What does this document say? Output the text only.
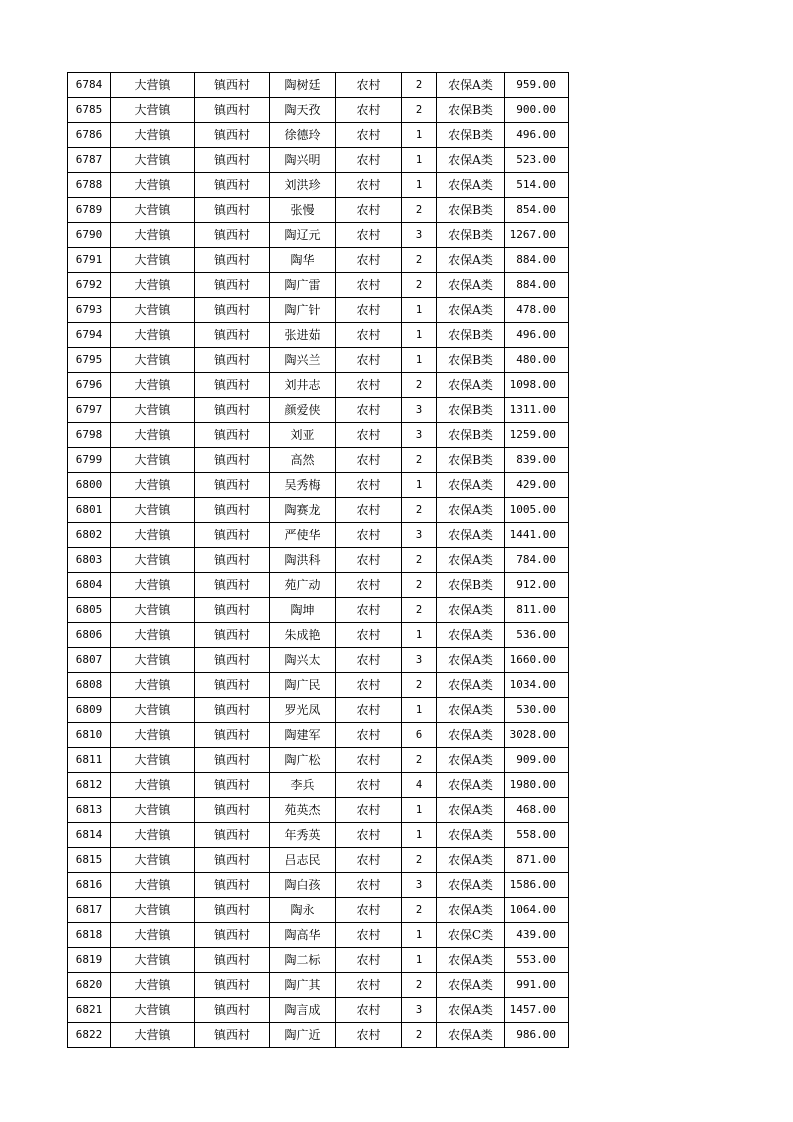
6784	大营镇	镇西村	陶树廷	农村	2	农保A类	959.00
6785	大营镇	镇西村	陶天孜	农村	2	农保B类	900.00
6786	大营镇	镇西村	徐德玲	农村	1	农保B类	496.00
6787	大营镇	镇西村	陶兴明	农村	1	农保A类	523.00
6788	大营镇	镇西村	刘洪珍	农村	1	农保A类	514.00
6789	大营镇	镇西村	张慢	农村	2	农保B类	854.00
6790	大营镇	镇西村	陶辽元	农村	3	农保B类	1267.00
6791	大营镇	镇西村	陶华	农村	2	农保A类	884.00
6792	大营镇	镇西村	陶广雷	农村	2	农保A类	884.00
6793	大营镇	镇西村	陶广针	农村	1	农保A类	478.00
6794	大营镇	镇西村	张进茹	农村	1	农保B类	496.00
6795	大营镇	镇西村	陶兴兰	农村	1	农保B类	480.00
6796	大营镇	镇西村	刘井志	农村	2	农保A类	1098.00
6797	大营镇	镇西村	颜爱侠	农村	3	农保B类	1311.00
6798	大营镇	镇西村	刘亚	农村	3	农保B类	1259.00
6799	大营镇	镇西村	高然	农村	2	农保B类	839.00
6800	大营镇	镇西村	吴秀梅	农村	1	农保A类	429.00
6801	大营镇	镇西村	陶赛龙	农村	2	农保A类	1005.00
6802	大营镇	镇西村	严使华	农村	3	农保A类	1441.00
6803	大营镇	镇西村	陶洪科	农村	2	农保A类	784.00
6804	大营镇	镇西村	苑广动	农村	2	农保B类	912.00
6805	大营镇	镇西村	陶坤	农村	2	农保A类	811.00
6806	大营镇	镇西村	朱成艳	农村	1	农保A类	536.00
6807	大营镇	镇西村	陶兴太	农村	3	农保A类	1660.00
6808	大营镇	镇西村	陶广民	农村	2	农保A类	1034.00
6809	大营镇	镇西村	罗光凤	农村	1	农保A类	530.00
6810	大营镇	镇西村	陶建军	农村	6	农保A类	3028.00
6811	大营镇	镇西村	陶广松	农村	2	农保A类	909.00
6812	大营镇	镇西村	李兵	农村	4	农保A类	1980.00
6813	大营镇	镇西村	苑英杰	农村	1	农保A类	468.00
6814	大营镇	镇西村	年秀英	农村	1	农保A类	558.00
6815	大营镇	镇西村	吕志民	农村	2	农保A类	871.00
6816	大营镇	镇西村	陶白孩	农村	3	农保A类	1586.00
6817	大营镇	镇西村	陶永	农村	2	农保A类	1064.00
6818	大营镇	镇西村	陶高华	农村	1	农保C类	439.00
6819	大营镇	镇西村	陶二标	农村	1	农保A类	553.00
6820	大营镇	镇西村	陶广其	农村	2	农保A类	991.00
6821	大营镇	镇西村	陶言成	农村	3	农保A类	1457.00
6822	大营镇	镇西村	陶广近	农村	2	农保A类	986.00
